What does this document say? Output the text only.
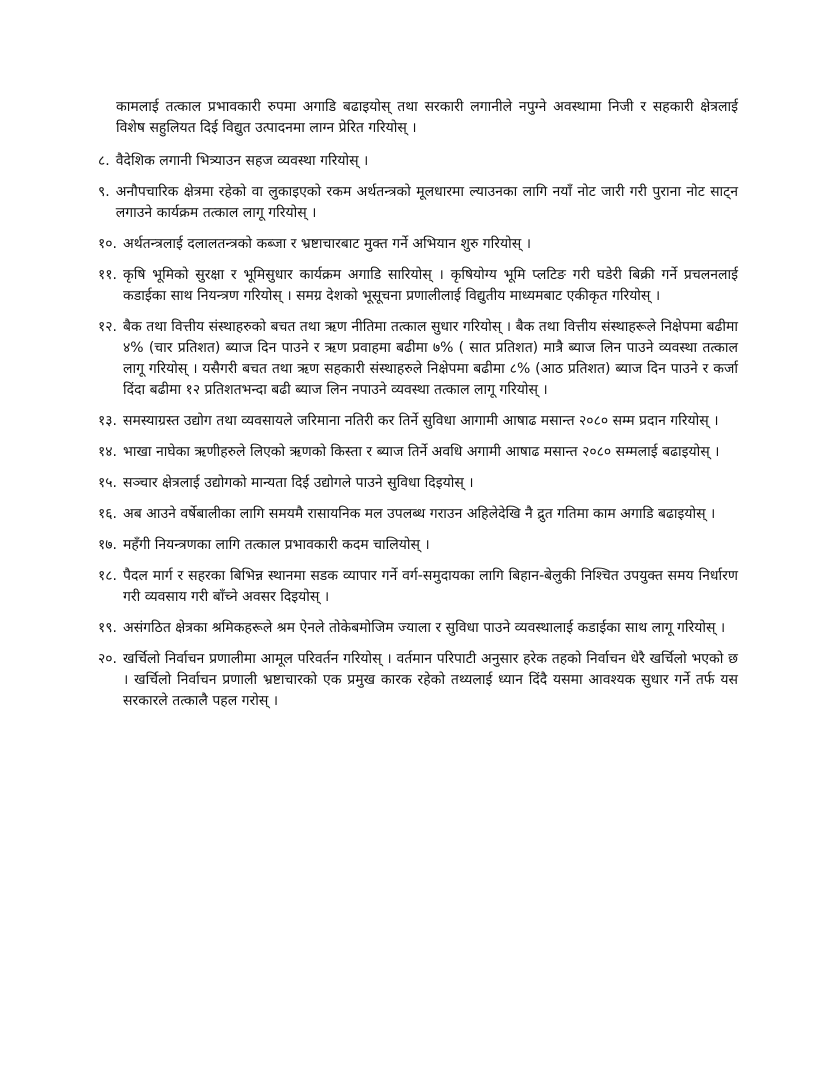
कामलाई तत्काल प्रभावकारी रुपमा अगाडि बढाइयोस् तथा सरकारी लगानीले नपुग्ने अवस्थामा निजी र सहकारी क्षेत्रलाई विशेष सहुलियत दिई विद्युत उत्पादनमा लाग्न प्रेरित गरियोस् ।

८. वैदेशिक लगानी भित्र्याउन सहज व्यवस्था गरियोस् ।
९. अनौपचारिक क्षेत्रमा रहेको वा लुकाइएको रकम अर्थतन्त्रको मूलधारमा ल्याउनका लागि नयाँ नोट जारी गरी पुराना नोट साट्न लगाउने कार्यक्रम तत्काल लागू गरियोस् ।
१०. अर्थतन्त्रलाई दलालतन्त्रको कब्जा र भ्रष्टाचारबाट मुक्त गर्ने अभियान शुरु गरियोस् ।
११. कृषि भूमिको सुरक्षा र भूमिसुधार कार्यक्रम अगाडि सारियोस् । कृषियोग्य भूमि प्लटिङ गरी घडेरी बिक्री गर्ने प्रचलनलाई कडाईका साथ नियन्त्रण गरियोस् । समग्र देशको भूसूचना प्रणालीलाई विद्युतीय माध्यमबाट एकीकृत गरियोस् ।
१२. बैक तथा वित्तीय संस्थाहरुको बचत तथा ऋण नीतिमा तत्काल सुधार गरियोस् । बैक तथा वित्तीय संस्थाहरूले निक्षेपमा बढीमा ४% (चार प्रतिशत) ब्याज दिन पाउने र ऋण प्रवाहमा बढीमा ७% ( सात प्रतिशत) मात्रै ब्याज लिन पाउने व्यवस्था तत्काल लागू गरियोस् । यसैगरी बचत तथा ऋण सहकारी संस्थाहरुले निक्षेपमा बढीमा ८% (आठ प्रतिशत) ब्याज दिन पाउने र कर्जा दिंदा बढीमा १२ प्रतिशतभन्दा बढी ब्याज लिन नपाउने व्यवस्था तत्काल लागू गरियोस् ।
१३. समस्याग्रस्त उद्योग तथा व्यवसायले जरिमाना नतिरी कर तिर्ने सुविधा आगामी आषाढ मसान्त २०८० सम्म प्रदान गरियोस् ।
१४. भाखा नाघेका ऋणीहरुले लिएको ऋणको किस्ता र ब्याज तिर्ने अवधि अगामी आषाढ मसान्त २०८० सम्मलाई बढाइयोस् ।
१५. सञ्चार क्षेत्रलाई उद्योगको मान्यता दिई उद्योगले पाउने सुविधा दिइयोस् ।
१६. अब आउने वर्षेबालीका लागि समयमै रासायनिक मल उपलब्ध गराउन अहिलेदेखि नै द्रुत गतिमा काम अगाडि बढाइयोस् ।
१७. महँगी नियन्त्रणका लागि तत्काल प्रभावकारी कदम चालियोस् ।
१८. पैदल मार्ग र सहरका बिभिन्न स्थानमा सडक व्यापार गर्ने वर्ग-समुदायका लागि बिहान-बेलुकी निश्चित उपयुक्त समय निर्धारण गरी व्यवसाय गरी बाँच्ने अवसर दिइयोस् ।
१९. असंगठित क्षेत्रका श्रमिकहरूले श्रम ऐनले तोकेबमोजिम ज्याला र सुविधा पाउने व्यवस्थालाई कडाईका साथ लागू गरियोस् ।
२०. खर्चिलो निर्वाचन प्रणालीमा आमूल परिवर्तन गरियोस् । वर्तमान परिपाटी अनुसार हरेक तहको निर्वाचन धेरै खर्चिलो भएको छ । खर्चिलो निर्वाचन प्रणाली भ्रष्टाचारको एक प्रमुख कारक रहेको तथ्यलाई ध्यान दिंदै यसमा आवश्यक सुधार गर्ने तर्फ यस सरकारले तत्कालै पहल गरोस् ।
